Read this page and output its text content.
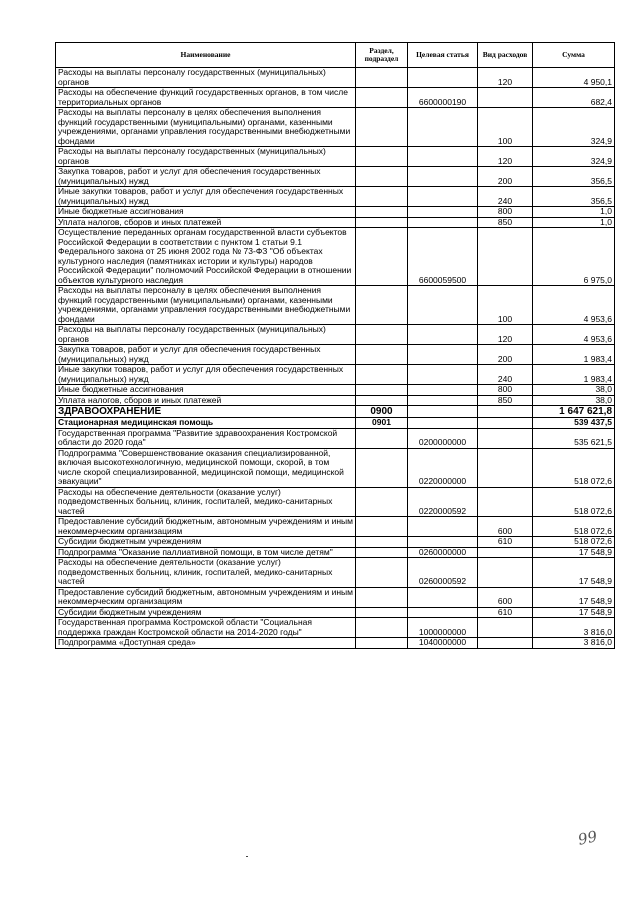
Наименование	Раздел, подраздел	Целевая статья	Вид расходов	Сумма
Расходы на выплаты персоналу государственных (муниципальных) органов			120	4 950,1
Расходы на обеспечение функций государственных органов, в том числе территориальных органов		6600000190		682,4
Расходы на выплаты персоналу в целях обеспечения выполнения функций государственными (муниципальными) органами, казенными учреждениями, органами управления государственными внебюджетными фондами			100	324,9
Расходы на выплаты персоналу государственных (муниципальных) органов			120	324,9
Закупка товаров, работ и услуг для обеспечения государственных (муниципальных) нужд			200	356,5
Иные закупки товаров, работ и услуг для обеспечения государственных (муниципальных) нужд			240	356,5
Иные бюджетные ассигнования			800	1,0
Уплата налогов, сборов и иных платежей			850	1,0
Осуществление переданных органам государственной власти субъектов Российской Федерации в соответствии с пунктом 1 статьи 9.1 Федерального закона от 25 июня 2002 года № 73-ФЗ "Об объектах культурного наследия (памятниках истории и культуры) народов Российской Федерации" полномочий Российской Федерации в отношении объектов культурного наследия		6600059500		6 975,0
Расходы на выплаты персоналу в целях обеспечения выполнения функций государственными (муниципальными) органами, казенными учреждениями, органами управления государственными внебюджетными фондами			100	4 953,6
Расходы на выплаты персоналу государственных (муниципальных) органов			120	4 953,6
Закупка товаров, работ и услуг для обеспечения государственных (муниципальных) нужд			200	1 983,4
Иные закупки товаров, работ и услуг для обеспечения государственных (муниципальных) нужд			240	1 983,4
Иные бюджетные ассигнования			800	38,0
Уплата налогов, сборов и иных платежей			850	38,0
ЗДРАВООХРАНЕНИЕ	0900			1 647 621,8
Стационарная медицинская помощь	0901			539 437,5
Государственная программа "Развитие здравоохранения Костромской области до 2020 года"		0200000000		535 621,5
Подпрограмма "Совершенствование оказания специализированной, включая высокотехнологичную, медицинской помощи, скорой, в том числе скорой специализированной, медицинской помощи, медицинской эвакуации"		0220000000		518 072,6
Расходы на обеспечение деятельности (оказание услуг) подведомственных больниц, клиник, госпиталей, медико-санитарных частей		0220000592		518 072,6
Предоставление субсидий бюджетным, автономным учреждениям и иным некоммерческим организациям			600	518 072,6
Субсидии бюджетным учреждениям			610	518 072,6
Подпрограмма "Оказание паллиативной помощи, в том числе детям"		0260000000		17 548,9
Расходы на обеспечение деятельности (оказание услуг) подведомственных больниц, клиник, госпиталей, медико-санитарных частей		0260000592		17 548,9
Предоставление субсидий бюджетным, автономным учреждениям и иным некоммерческим организациям			600	17 548,9
Субсидии бюджетным учреждениям			610	17 548,9
Государственная программа Костромской области "Социальная поддержка граждан Костромской области на 2014-2020 годы"		1000000000		3 816,0
Подпрограмма «Доступная среда»		1040000000		3 816,0
99
